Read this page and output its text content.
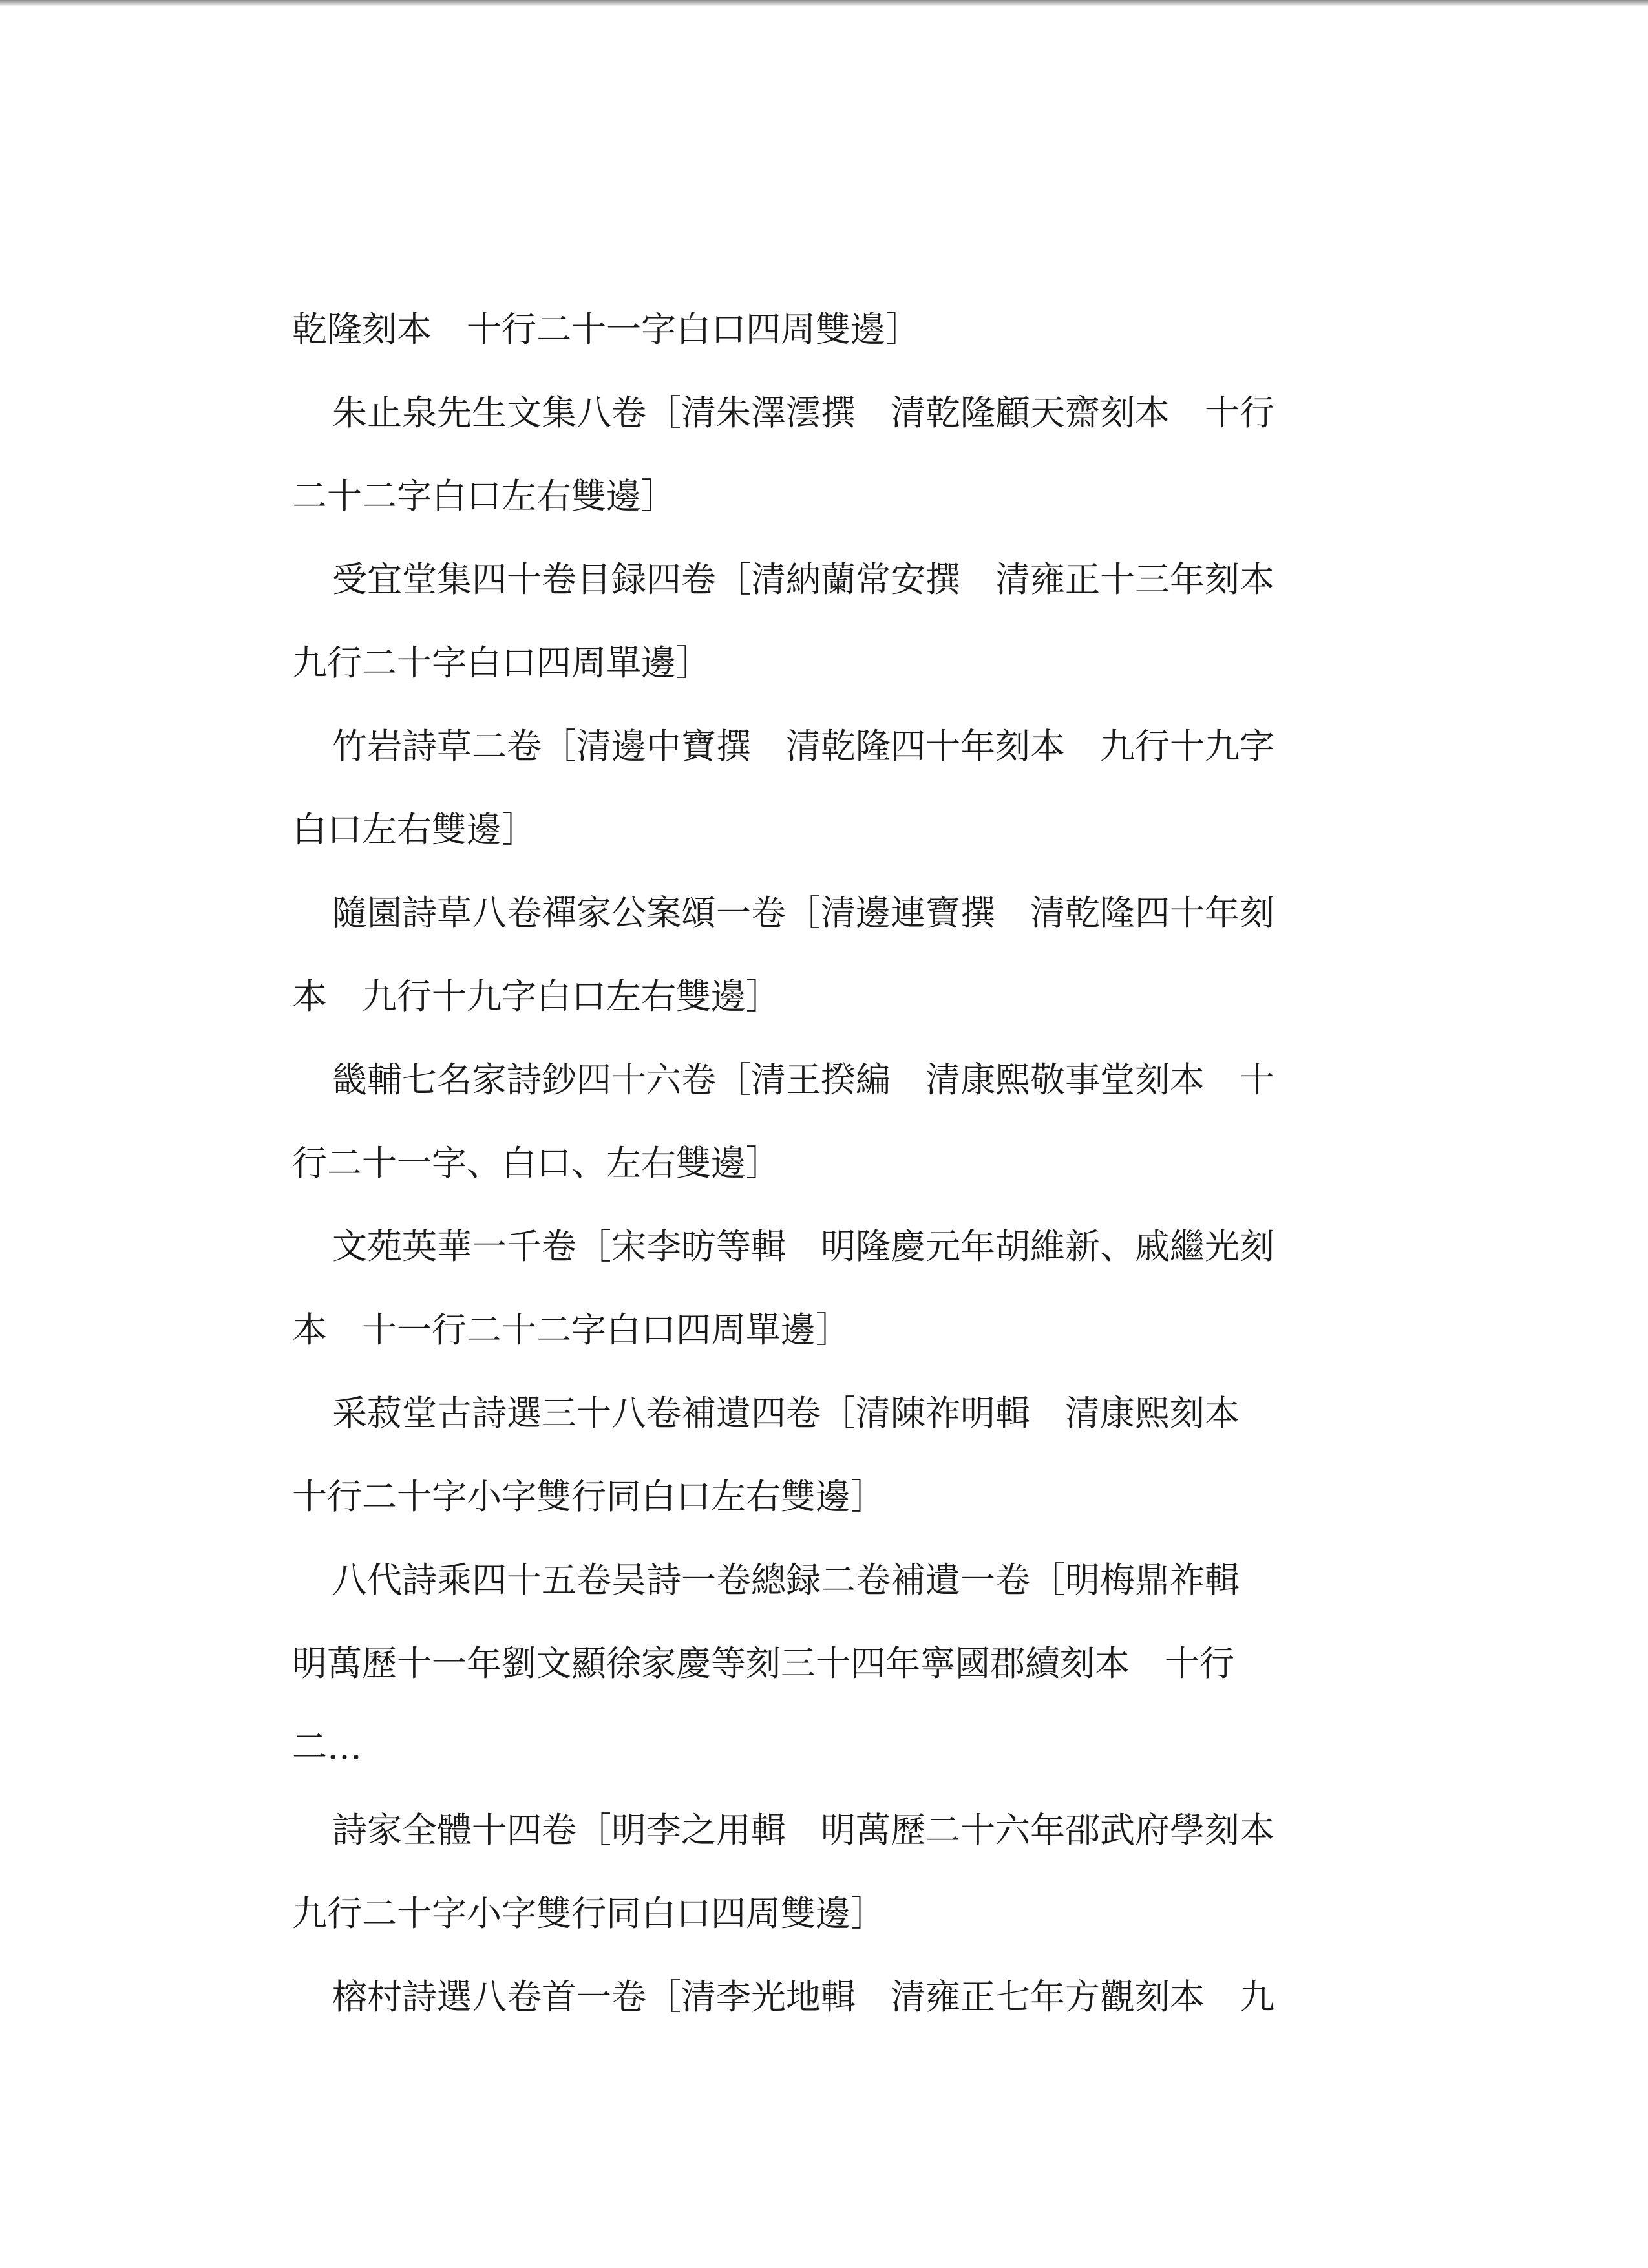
乾隆刻本　十行二十一字白口四周雙邊］
朱止泉先生文集八卷［清朱澤澐撰　清乾隆顧天齋刻本　十行
二十二字白口左右雙邊］
受宜堂集四十卷目録四卷［清納蘭常安撰　清雍正十三年刻本
九行二十字白口四周單邊］
竹岩詩草二卷［清邊中寶撰　清乾隆四十年刻本　九行十九字
白口左右雙邊］
隨園詩草八卷禪家公案頌一卷［清邊連寶撰　清乾隆四十年刻
本　九行十九字白口左右雙邊］
畿輔七名家詩鈔四十六卷［清王揆編　清康熙敬事堂刻本　十
行二十一字、白口、左右雙邊］
文苑英華一千卷［宋李昉等輯　明隆慶元年胡維新、戚繼光刻
本　十一行二十二字白口四周單邊］
采菽堂古詩選三十八卷補遺四卷［清陳祚明輯　清康熙刻本
十行二十字小字雙行同白口左右雙邊］
八代詩乘四十五卷吴詩一卷總録二卷補遺一卷［明梅鼎祚輯
明萬歷十一年劉文顯徐家慶等刻三十四年寧國郡續刻本　十行
二…
詩家全體十四卷［明李之用輯　明萬歷二十六年邵武府學刻本
九行二十字小字雙行同白口四周雙邊］
榕村詩選八卷首一卷［清李光地輯　清雍正七年方觀刻本　九
